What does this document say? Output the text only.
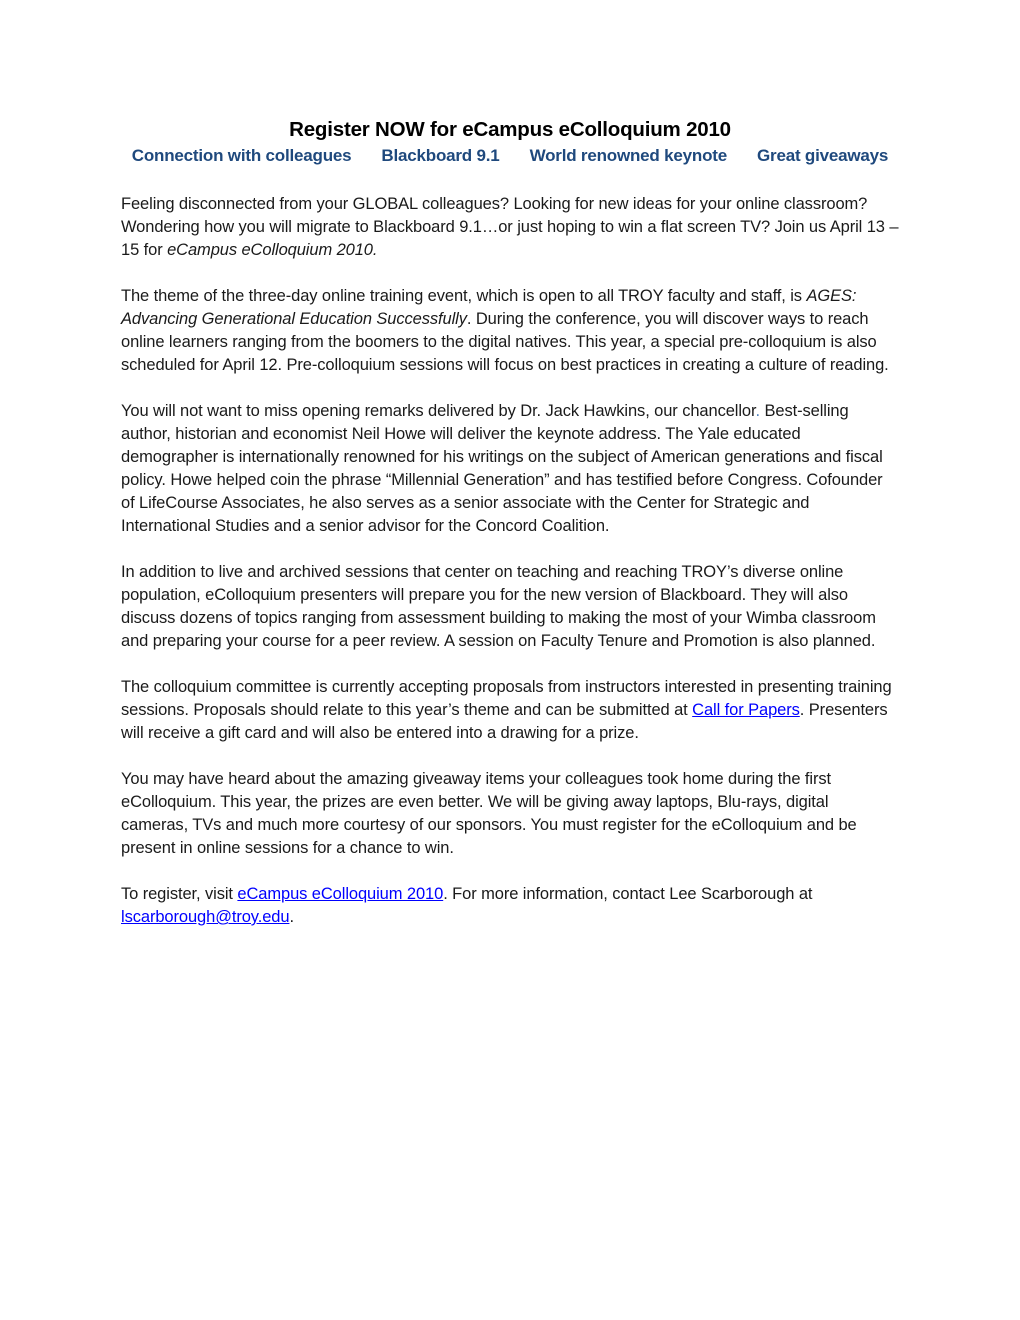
Register NOW for eCampus eColloquium 2010
Connection with colleagues Blackboard 9.1 World renowned keynote Great giveaways

Feeling disconnected from your GLOBAL colleagues? Looking for new ideas for your online classroom? Wondering how you will migrate to Blackboard 9.1…or just hoping to win a flat screen TV? Join us April 13 – 15 for eCampus eColloquium 2010.

The theme of the three-day online training event, which is open to all TROY faculty and staff, is AGES: Advancing Generational Education Successfully. During the conference, you will discover ways to reach online learners ranging from the boomers to the digital natives. This year, a special pre-colloquium is also scheduled for April 12. Pre-colloquium sessions will focus on best practices in creating a culture of reading.

You will not want to miss opening remarks delivered by Dr. Jack Hawkins, our chancellor. Best-selling author, historian and economist Neil Howe will deliver the keynote address. The Yale educated demographer is internationally renowned for his writings on the subject of American generations and fiscal policy. Howe helped coin the phrase “Millennial Generation” and has testified before Congress. Cofounder of LifeCourse Associates, he also serves as a senior associate with the Center for Strategic and International Studies and a senior advisor for the Concord Coalition.

In addition to live and archived sessions that center on teaching and reaching TROY’s diverse online population, eColloquium presenters will prepare you for the new version of Blackboard. They will also discuss dozens of topics ranging from assessment building to making the most of your Wimba classroom and preparing your course for a peer review. A session on Faculty Tenure and Promotion is also planned.

The colloquium committee is currently accepting proposals from instructors interested in presenting training sessions. Proposals should relate to this year’s theme and can be submitted at Call for Papers. Presenters will receive a gift card and will also be entered into a drawing for a prize.

You may have heard about the amazing giveaway items your colleagues took home during the first eColloquium. This year, the prizes are even better. We will be giving away laptops, Blu-rays, digital cameras, TVs and much more courtesy of our sponsors. You must register for the eColloquium and be present in online sessions for a chance to win.

To register, visit eCampus eColloquium 2010. For more information, contact Lee Scarborough at lscarborough@troy.edu.
